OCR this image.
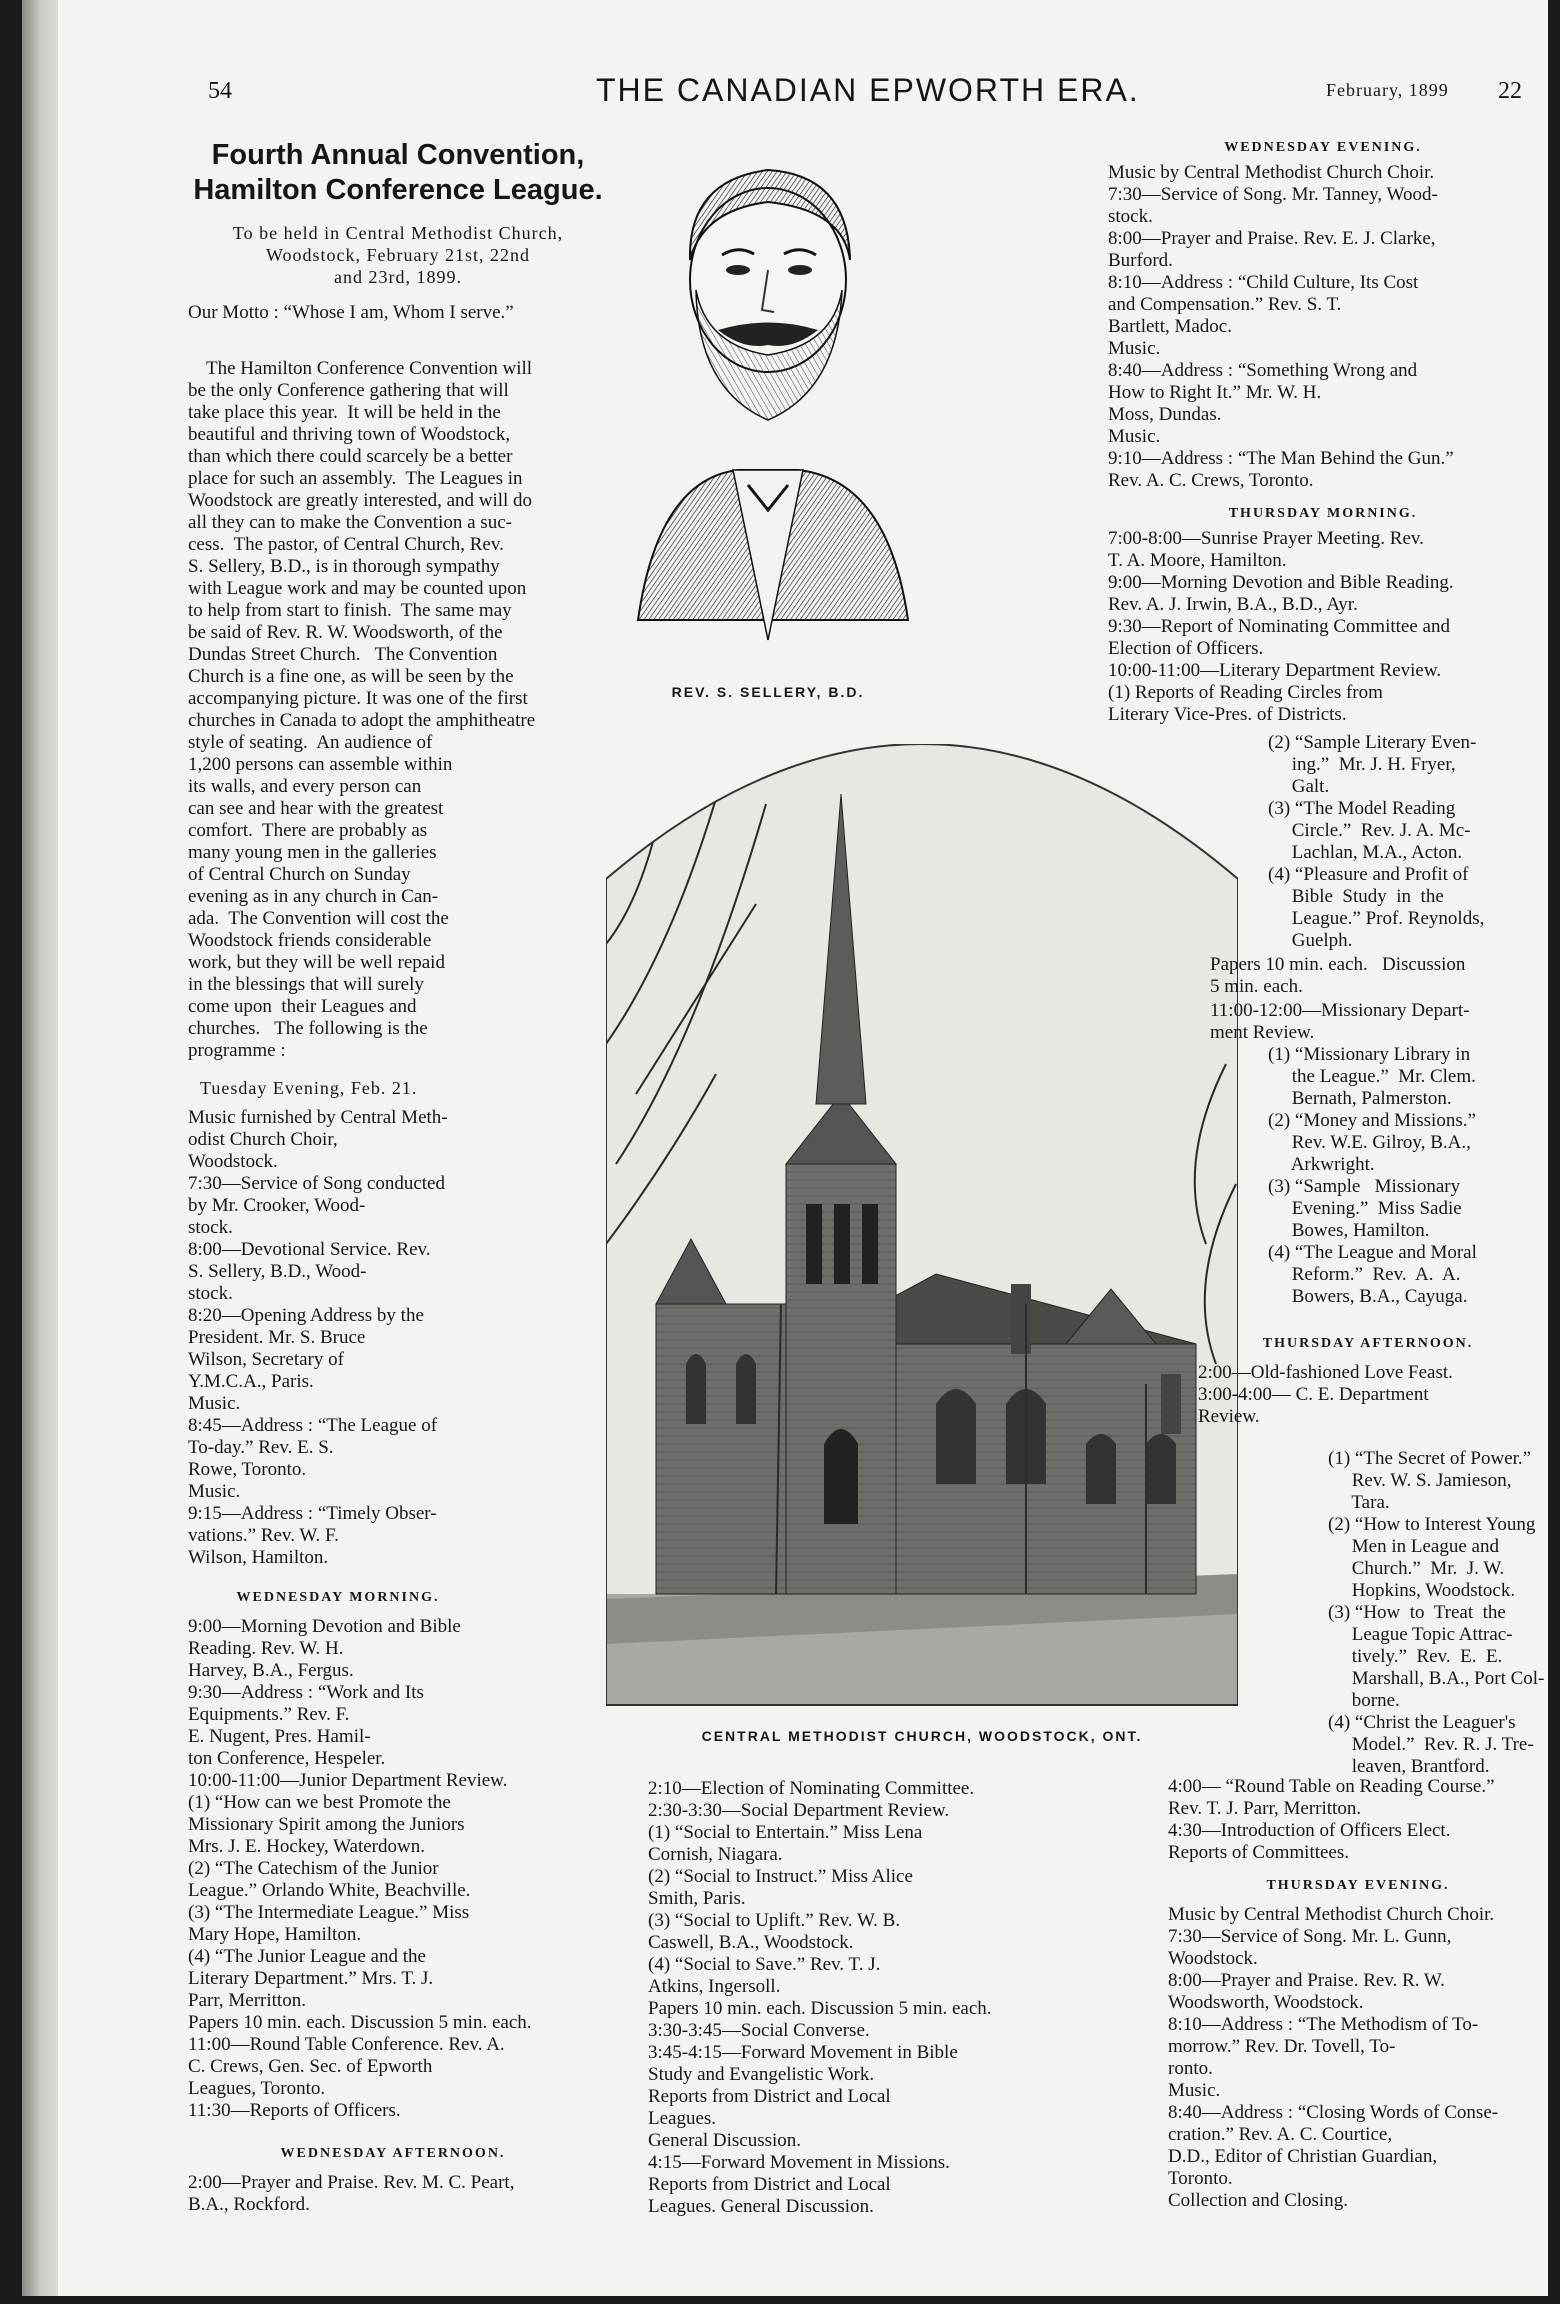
54	THE CANADIAN EPWORTH ERA.	February, 1899 22
Fourth Annual Convention,
Hamilton Conference League.
To be held in Central Methodist Church,
Woodstock, February 21st, 22nd
and 23rd, 1899.
Our Motto : “Whose I am, Whom I serve.”
The Hamilton Conference Convention will
be the only Conference gathering that will
take place this year.  It will be held in the
beautiful and thriving town of Woodstock,
than which there could scarcely be a better
place for such an assembly.  The Leagues in
Woodstock are greatly interested, and will do
all they can to make the Convention a suc-
cess.  The pastor, of Central Church, Rev.
S. Sellery, B.D., is in thorough sympathy
with League work and may be counted upon
to help from start to finish.  The same may
be said of Rev. R. W. Woodsworth, of the
Dundas Street Church.   The Convention
Church is a fine one, as will be seen by the
accompanying picture. It was one of the first
churches in Canada to adopt the amphitheatre
style of seating.  An audience of
1,200 persons can assemble within
its walls, and every person can
can see and hear with the greatest
comfort.  There are probably as
many young men in the galleries
of Central Church on Sunday
evening as in any church in Can-
ada.  The Convention will cost the
Woodstock friends considerable
work, but they will be well repaid
in the blessings that will surely
come upon  their Leagues and
churches.   The following is the
programme :
Tuesday Evening, Feb. 21.
Music furnished by Central Meth-
odist Church Choir,
Woodstock.
7:30—Service of Song conducted
by Mr. Crooker, Wood-
stock.
8:00—Devotional Service. Rev.
S. Sellery, B.D., Wood-
stock.
8:20—Opening Address by the
President. Mr. S. Bruce
Wilson, Secretary of
Y.M.C.A., Paris.
Music.
8:45—Address : “The League of
To-day.” Rev. E. S.
Rowe, Toronto.
Music.
9:15—Address : “Timely Obser-
vations.” Rev. W. F.
Wilson, Hamilton.
WEDNESDAY MORNING.
9:00—Morning Devotion and Bible
Reading. Rev. W. H.
Harvey, B.A., Fergus.
9:30—Address : “Work and Its
Equipments.” Rev. F.
E. Nugent, Pres. Hamil-
ton Conference, Hespeler.
10:00-11:00—Junior Department Review.
(1) “How can we best Promote the
Missionary Spirit among the Juniors
Mrs. J. E. Hockey, Waterdown.
(2) “The Catechism of the Junior
League.” Orlando White, Beachville.
(3) “The Intermediate League.” Miss
Mary Hope, Hamilton.
(4) “The Junior League and the
Literary Department.” Mrs. T. J.
Parr, Merritton.
Papers 10 min. each. Discussion 5 min. each.
11:00—Round Table Conference. Rev. A.
C. Crews, Gen. Sec. of Epworth
Leagues, Toronto.
11:30—Reports of Officers.
WEDNESDAY AFTERNOON.
2:00—Prayer and Praise. Rev. M. C. Peart,
B.A., Rockford.
REV. S. SELLERY, B.D.
CENTRAL METHODIST CHURCH, WOODSTOCK, ONT.
2:10—Election of Nominating Committee.
2:30-3:30—Social Department Review.
(1) “Social to Entertain.” Miss Lena
Cornish, Niagara.
(2) “Social to Instruct.” Miss Alice
Smith, Paris.
(3) “Social to Uplift.” Rev. W. B.
Caswell, B.A., Woodstock.
(4) “Social to Save.” Rev. T. J.
Atkins, Ingersoll.
Papers 10 min. each. Discussion 5 min. each.
3:30-3:45—Social Converse.
3:45-4:15—Forward Movement in Bible
Study and Evangelistic Work.
Reports from District and Local
Leagues.
General Discussion.
4:15—Forward Movement in Missions.
Reports from District and Local
Leagues. General Discussion.
WEDNESDAY EVENING.
Music by Central Methodist Church Choir.
7:30—Service of Song. Mr. Tanney, Wood-
stock.
8:00—Prayer and Praise. Rev. E. J. Clarke,
Burford.
8:10—Address : “Child Culture, Its Cost
and Compensation.” Rev. S. T.
Bartlett, Madoc.
Music.
8:40—Address : “Something Wrong and
How to Right It.” Mr. W. H.
Moss, Dundas.
Music.
9:10—Address : “The Man Behind the Gun.”
Rev. A. C. Crews, Toronto.
THURSDAY MORNING.
7:00-8:00—Sunrise Prayer Meeting. Rev.
T. A. Moore, Hamilton.
9:00—Morning Devotion and Bible Reading.
Rev. A. J. Irwin, B.A., B.D., Ayr.
9:30—Report of Nominating Committee and
Election of Officers.
10:00-11:00—Literary Department Review.
(1) Reports of Reading Circles from
Literary Vice-Pres. of Districts.
(2) “Sample Literary Even-
ing.”  Mr. J. H. Fryer,
Galt.
(3) “The Model Reading
Circle.”  Rev. J. A. Mc-
Lachlan, M.A., Acton.
(4) “Pleasure and Profit of
Bible  Study  in  the
League.” Prof. Reynolds,
Guelph.
Papers 10 min. each.   Discussion
5 min. each.
11:00-12:00—Missionary Depart-
ment Review.
(1) “Missionary Library in
the League.”  Mr. Clem.
Bernath, Palmerston.
(2) “Money and Missions.”
Rev. W.E. Gilroy, B.A.,
Arkwright.
(3) “Sample   Missionary
Evening.”  Miss Sadie
Bowes, Hamilton.
(4) “The League and Moral
Reform.”  Rev.  A.  A.
Bowers, B.A., Cayuga.
THURSDAY AFTERNOON.
2:00—Old-fashioned Love Feast.
3:00-4:00— C. E. Department
Review.
(1) “The Secret of Power.”
Rev. W. S. Jamieson,
Tara.
(2) “How to Interest Young
Men in League and
Church.”  Mr.  J. W.
Hopkins, Woodstock.
(3) “How  to  Treat  the
League Topic Attrac-
tively.”  Rev.  E.  E.
Marshall, B.A., Port Col-
borne.
(4) “Christ the Leaguer's
Model.”  Rev. R. J. Tre-
leaven, Brantford.
4:00— “Round Table on Reading Course.”
Rev. T. J. Parr, Merritton.
4:30—Introduction of Officers Elect.
Reports of Committees.
THURSDAY EVENING.
Music by Central Methodist Church Choir.
7:30—Service of Song. Mr. L. Gunn,
Woodstock.
8:00—Prayer and Praise. Rev. R. W.
Woodsworth, Woodstock.
8:10—Address : “The Methodism of To-
morrow.” Rev. Dr. Tovell, To-
ronto.
Music.
8:40—Address : “Closing Words of Conse-
cration.” Rev. A. C. Courtice,
D.D., Editor of Christian Guardian,
Toronto.
Collection and Closing.
